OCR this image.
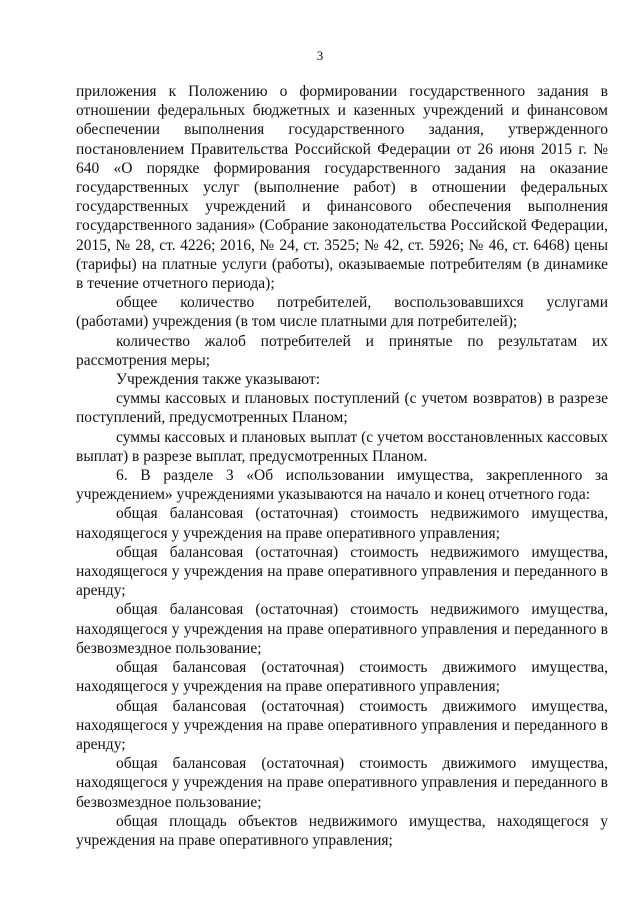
3

приложения к Положению о формировании государственного задания в отношении федеральных бюджетных и казенных учреждений и финансовом обеспечении выполнения государственного задания, утвержденного постановлением Правительства Российской Федерации от 26 июня 2015 г. № 640 «О порядке формирования государственного задания на оказание государственных услуг (выполнение работ) в отношении федеральных государственных учреждений и финансового обеспечения выполнения государственного задания» (Собрание законодательства Российской Федерации, 2015, № 28, ст. 4226; 2016, № 24, ст. 3525; № 42, ст. 5926; № 46, ст. 6468) цены (тарифы) на платные услуги (работы), оказываемые потребителям (в динамике в течение отчетного периода);

общее количество потребителей, воспользовавшихся услугами (работами) учреждения (в том числе платными для потребителей);

количество жалоб потребителей и принятые по результатам их рассмотрения меры;

Учреждения также указывают:

суммы кассовых и плановых поступлений (с учетом возвратов) в разрезе поступлений, предусмотренных Планом;

суммы кассовых и плановых выплат (с учетом восстановленных кассовых выплат) в разрезе выплат, предусмотренных Планом.

6. В разделе 3 «Об использовании имущества, закрепленного за учреждением» учреждениями указываются на начало и конец отчетного года:

общая балансовая (остаточная) стоимость недвижимого имущества, находящегося у учреждения на праве оперативного управления;

общая балансовая (остаточная) стоимость недвижимого имущества, находящегося у учреждения на праве оперативного управления и переданного в аренду;

общая балансовая (остаточная) стоимость недвижимого имущества, находящегося у учреждения на праве оперативного управления и переданного в безвозмездное пользование;

общая балансовая (остаточная) стоимость движимого имущества, находящегося у учреждения на праве оперативного управления;

общая балансовая (остаточная) стоимость движимого имущества, находящегося у учреждения на праве оперативного управления и переданного в аренду;

общая балансовая (остаточная) стоимость движимого имущества, находящегося у учреждения на праве оперативного управления и переданного в безвозмездное пользование;

общая площадь объектов недвижимого имущества, находящегося у учреждения на праве оперативного управления;
